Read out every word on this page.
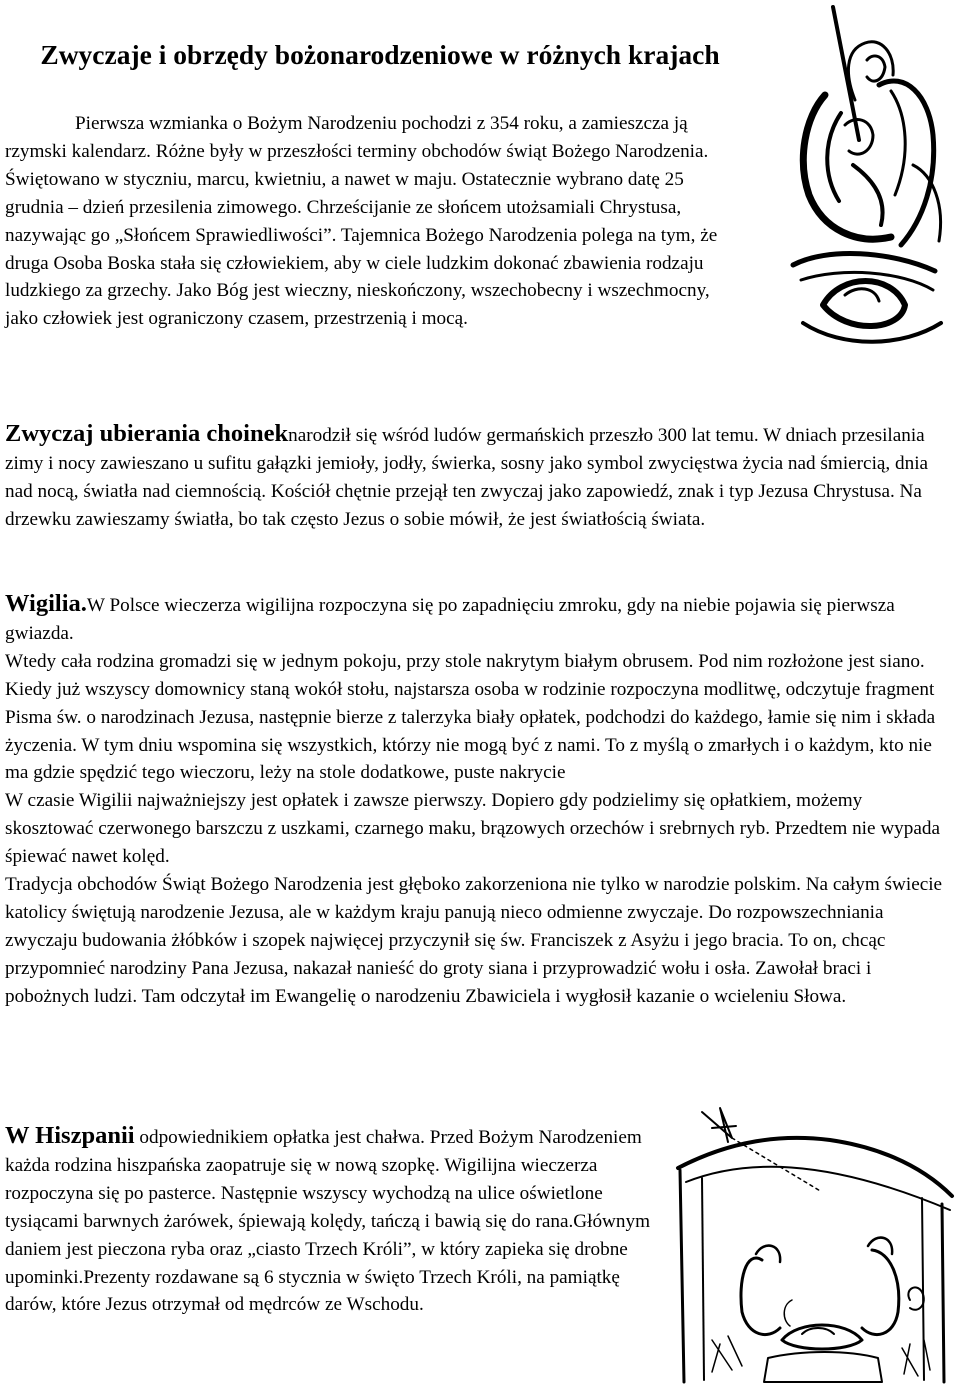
Zwyczaje i obrzędy bożonarodzeniowe w różnych krajach

Pierwsza wzmianka o Bożym Narodzeniu pochodzi z 354 roku, a zamieszcza ją rzymski kalendarz. Różne były w przeszłości terminy obchodów świąt Bożego Narodzenia. Świętowano w styczniu, marcu, kwietniu, a nawet w maju. Ostatecznie wybrano datę 25 grudnia – dzień przesilenia zimowego. Chrześcijanie ze słońcem utożsamiali Chrystusa, nazywając go „Słońcem Sprawiedliwości”. Tajemnica Bożego Narodzenia polega na tym, że druga Osoba Boska stała się człowiekiem, aby w ciele ludzkim dokonać zbawienia rodzaju ludzkiego za grzechy. Jako Bóg jest wieczny, nieskończony, wszechobecny i wszechmocny, jako człowiek jest ograniczony czasem, przestrzenią i mocą.

Zwyczaj ubierania choineknarodził się wśród ludów germańskich przeszło 300 lat temu. W dniach przesilania zimy i nocy zawieszano u sufitu gałązki jemioły, jodły, świerka, sosny jako symbol zwycięstwa życia nad śmiercią, dnia nad nocą, światła nad ciemnością. Kościół chętnie przejął ten zwyczaj jako zapowiedź, znak i typ Jezusa Chrystusa. Na drzewku zawieszamy światła, bo tak często Jezus o sobie mówił, że jest światłością świata.

Wigilia.W Polsce wieczerza wigilijna rozpoczyna się po zapadnięciu zmroku, gdy na niebie pojawia się pierwsza gwiazda.
Wtedy cała rodzina gromadzi się w jednym pokoju, przy stole nakrytym białym obrusem. Pod nim rozłożone jest siano. Kiedy już wszyscy domownicy staną wokół stołu, najstarsza osoba w rodzinie rozpoczyna modlitwę, odczytuje fragment Pisma św. o narodzinach Jezusa, następnie bierze z talerzyka biały opłatek, podchodzi do każdego, łamie się nim i składa życzenia. W tym dniu wspomina się wszystkich, którzy nie mogą być z nami. To z myślą o zmarłych i o każdym, kto nie ma gdzie spędzić tego wieczoru, leży na stole dodatkowe, puste nakrycie
W czasie Wigilii najważniejszy jest opłatek i zawsze pierwszy. Dopiero gdy podzielimy się opłatkiem, możemy skosztować czerwonego barszczu z uszkami, czarnego maku, brązowych orzechów i srebrnych ryb. Przedtem nie wypada śpiewać nawet kolęd.
Tradycja obchodów Świąt Bożego Narodzenia jest głęboko zakorzeniona nie tylko w narodzie polskim. Na całym świecie katolicy świętują narodzenie Jezusa, ale w każdym kraju panują nieco odmienne zwyczaje. Do rozpowszechniania zwyczaju budowania żłóbków i szopek najwięcej przyczynił się św. Franciszek z Asyżu i jego bracia. To on, chcąc przypomnieć narodziny Pana Jezusa, nakazał nanieść do groty siana i przyprowadzić wołu i osła. Zawołał braci i pobożnych ludzi. Tam odczytał im Ewangelię o narodzeniu Zbawiciela i wygłosił kazanie o wcieleniu Słowa.

W Hiszpanii odpowiednikiem opłatka jest chałwa. Przed Bożym Narodzeniem każda rodzina hiszpańska zaopatruje się w nową szopkę. Wigilijna wieczerza rozpoczyna się po pasterce. Następnie wszyscy wychodzą na ulice oświetlone tysiącami barwnych żarówek, śpiewają kolędy, tańczą i bawią się do rana.Głównym daniem jest pieczona ryba oraz „ciasto Trzech Króli”, w który zapieka się drobne upominki.Prezenty rozdawane są 6 stycznia w święto Trzech Króli, na pamiątkę darów, które Jezus otrzymał od mędrców ze Wschodu.
